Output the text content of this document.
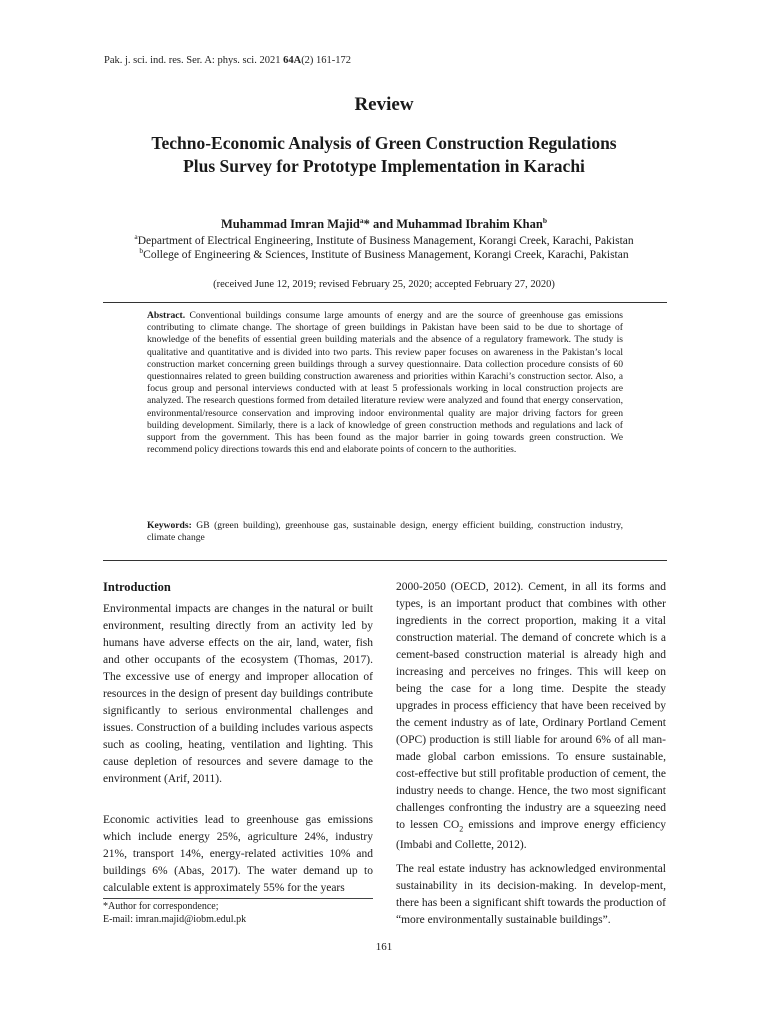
Pak. j. sci. ind. res. Ser. A: phys. sci. 2021 64A(2) 161-172
Review
Techno-Economic Analysis of Green Construction Regulations Plus Survey for Prototype Implementation in Karachi
Muhammad Imran Majid$^a$* and Muhammad Ibrahim Khan$^b$
$^a$Department of Electrical Engineering, Institute of Business Management, Korangi Creek, Karachi, Pakistan
$^b$College of Engineering & Sciences, Institute of Business Management, Korangi Creek, Karachi, Pakistan
(received June 12, 2019; revised February 25, 2020; accepted February 27, 2020)
Abstract. Conventional buildings consume large amounts of energy and are the source of greenhouse gas emissions contributing to climate change. The shortage of green buildings in Pakistan have been said to be due to shortage of knowledge of the benefits of essential green building materials and the absence of a regulatory framework. The study is qualitative and quantitative and is divided into two parts. This review paper focuses on awareness in the Pakistan’s local construction market concerning green buildings through a survey questionnaire. Data collection procedure consists of 60 questionnaires related to green building construction awareness and priorities within Karachi’s construction sector. Also, a focus group and personal interviews conducted with at least 5 professionals working in local construction projects are analyzed. The research questions formed from detailed literature review were analyzed and found that energy conservation, environmental/resource conservation and improving indoor environmental quality are major driving factors for green building development. Similarly, there is a lack of knowledge of green construction methods and regulations and lack of support from the government. This has been found as the major barrier in going towards green construction. We recommend policy directions towards this end and elaborate points of concern to the authorities.
Keywords: GB (green building), greenhouse gas, sustainable design, energy efficient building, construction industry, climate change
Introduction
Environmental impacts are changes in the natural or built environment, resulting directly from an activity led by humans have adverse effects on the air, land, water, fish and other occupants of the ecosystem (Thomas, 2017). The excessive use of energy and improper allocation of resources in the design of present day buildings contribute significantly to serious environmental challenges and issues. Construction of a building includes various aspects such as cooling, heating, ventilation and lighting. This cause depletion of resources and severe damage to the environment (Arif, 2011).
Economic activities lead to greenhouse gas emissions which include energy 25%, agriculture 24%, industry 21%, transport 14%, energy-related activities 10% and buildings 6% (Abas, 2017). The water demand up to calculable extent is approximately 55% for the years
2000-2050 (OECD, 2012). Cement, in all its forms and types, is an important product that combines with other ingredients in the correct proportion, making it a vital construction material. The demand of concrete which is a cement-based construction material is already high and increasing and perceives no fringes. This will keep on being the case for a long time. Despite the steady upgrades in process efficiency that have been received by the cement industry as of late, Ordinary Portland Cement (OPC) production is still liable for around 6% of all man-made global carbon emissions. To ensure sustainable, cost-effective but still profitable production of cement, the industry needs to change. Hence, the two most significant challenges confronting the industry are a squeezing need to lessen $CO_2$ emissions and improve energy efficiency (Imbabi and Collette, 2012).
The real estate industry has acknowledged environmental sustainability in its decision-making. In develop-ment, there has been a significant shift towards the production of “more environmentally sustainable buildings”.
*Author for correspondence;
E-mail: imran.majid@iobm.edul.pk
161
